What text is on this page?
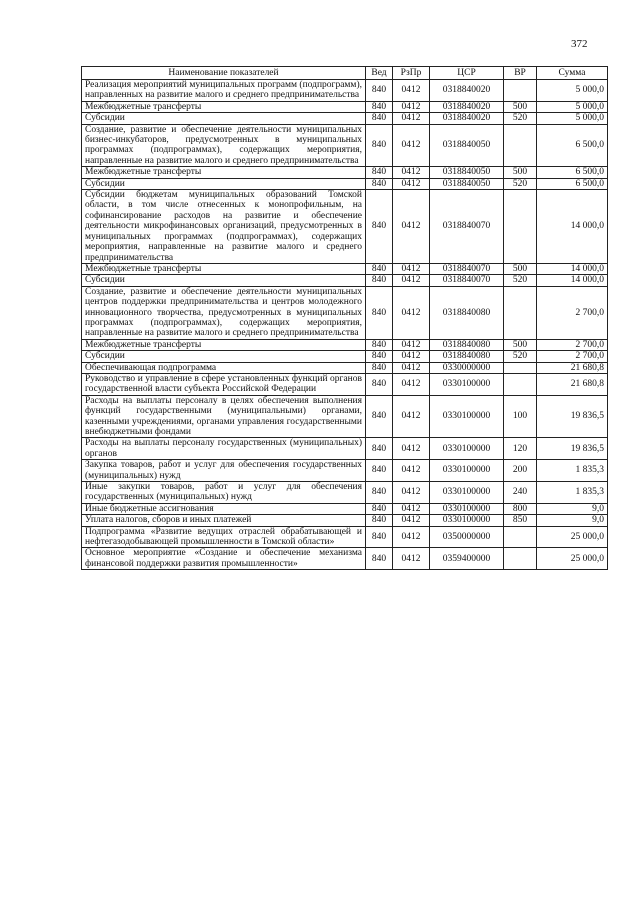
372
Наименование показателей	Вед	РзПр	ЦСР	ВР	Сумма
Реализация мероприятий муниципальных программ (подпрограмм), направленных на развитие малого и среднего предпринимательства	840	0412	0318840020		5 000,0
Межбюджетные трансферты	840	0412	0318840020	500	5 000,0
Субсидии	840	0412	0318840020	520	5 000,0
Создание, развитие и обеспечение деятельности муниципальных бизнес-инкубаторов, предусмотренных в муниципальных программах (подпрограммах), содержащих мероприятия, направленные на развитие малого и среднего предпринимательства	840	0412	0318840050		6 500,0
Межбюджетные трансферты	840	0412	0318840050	500	6 500,0
Субсидии	840	0412	0318840050	520	6 500,0
Субсидии бюджетам муниципальных образований Томской области, в том числе отнесенных к монопрофильным, на софинансирование расходов на развитие и обеспечение деятельности микрофинансовых организаций, предусмотренных в муниципальных программах (подпрограммах), содержащих мероприятия, направленные на развитие малого и среднего предпринимательства	840	0412	0318840070		14 000,0
Межбюджетные трансферты	840	0412	0318840070	500	14 000,0
Субсидии	840	0412	0318840070	520	14 000,0
Создание, развитие и обеспечение деятельности муниципальных центров поддержки предпринимательства и центров молодежного инновационного творчества, предусмотренных в муниципальных программах (подпрограммах), содержащих мероприятия, направленные на развитие малого и среднего предпринимательства	840	0412	0318840080		2 700,0
Межбюджетные трансферты	840	0412	0318840080	500	2 700,0
Субсидии	840	0412	0318840080	520	2 700,0
Обеспечивающая подпрограмма	840	0412	0330000000		21 680,8
Руководство и управление в сфере установленных функций органов государственной власти субъекта Российской Федерации	840	0412	0330100000		21 680,8
Расходы на выплаты персоналу в целях обеспечения выполнения функций государственными (муниципальными) органами, казенными учреждениями, органами управления государственными внебюджетными фондами	840	0412	0330100000	100	19 836,5
Расходы на выплаты персоналу государственных (муниципальных) органов	840	0412	0330100000	120	19 836,5
Закупка товаров, работ и услуг для обеспечения государственных (муниципальных) нужд	840	0412	0330100000	200	1 835,3
Иные закупки товаров, работ и услуг для обеспечения государственных (муниципальных) нужд	840	0412	0330100000	240	1 835,3
Иные бюджетные ассигнования	840	0412	0330100000	800	9,0
Уплата налогов, сборов и иных платежей	840	0412	0330100000	850	9,0
Подпрограмма «Развитие ведущих отраслей обрабатывающей и нефтегазодобывающей промышленности в Томской области»	840	0412	0350000000		25 000,0
Основное мероприятие «Создание и обеспечение механизма финансовой поддержки развития промышленности»	840	0412	0359400000		25 000,0
